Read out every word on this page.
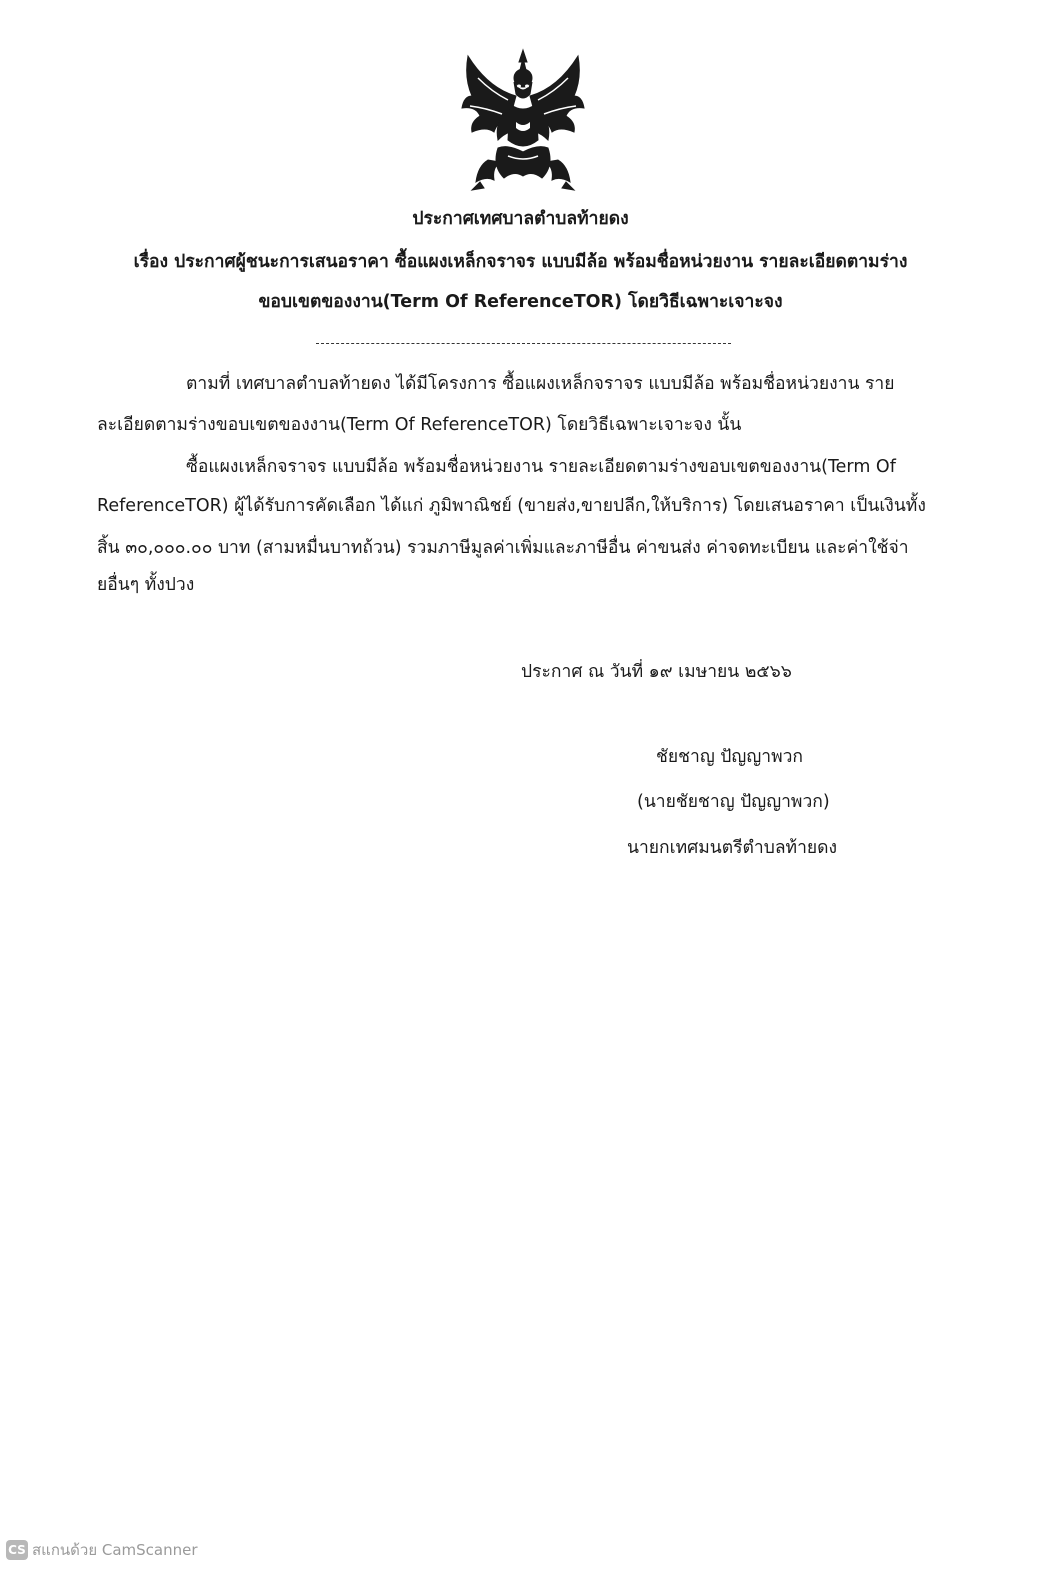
ประกาศเทศบาลตำบลท้ายดง
เรื่อง ประกาศผู้ชนะการเสนอราคา ซื้อแผงเหล็กจราจร แบบมีล้อ พร้อมชื่อหน่วยงาน รายละเอียดตามร่าง
ขอบเขตของงาน(Term Of ReferenceTOR) โดยวิธีเฉพาะเจาะจง
ตามที่ เทศบาลตำบลท้ายดง ได้มีโครงการ ซื้อแผงเหล็กจราจร แบบมีล้อ พร้อมชื่อหน่วยงาน ราย
ละเอียดตามร่างขอบเขตของงาน(Term Of ReferenceTOR) โดยวิธีเฉพาะเจาะจง นั้น
ซื้อแผงเหล็กจราจร แบบมีล้อ พร้อมชื่อหน่วยงาน รายละเอียดตามร่างขอบเขตของงาน(Term Of
ReferenceTOR) ผู้ได้รับการคัดเลือก ได้แก่ ภูมิพาณิชย์ (ขายส่ง,ขายปลีก,ให้บริการ) โดยเสนอราคา เป็นเงินทั้ง
สิ้น ๓๐,๐๐๐.๐๐ บาท (สามหมื่นบาทถ้วน) รวมภาษีมูลค่าเพิ่มและภาษีอื่น ค่าขนส่ง ค่าจดทะเบียน และค่าใช้จ่า
ยอื่นๆ ทั้งปวง
ประกาศ ณ วันที่ ๑๙ เมษายน ๒๕๖๖
ชัยชาญ ปัญญาพวก
(นายชัยชาญ ปัญญาพวก)
นายกเทศมนตรีตำบลท้ายดง
CS สแกนด้วย CamScanner
